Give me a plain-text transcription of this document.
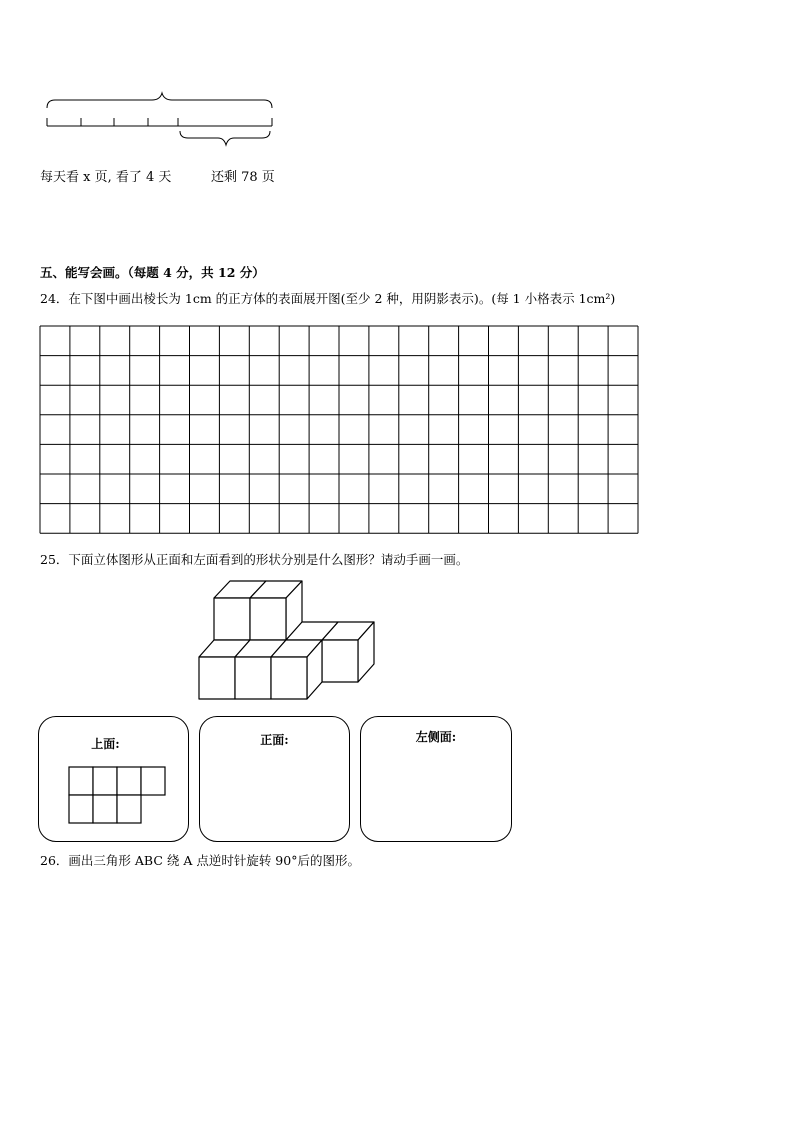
每天看 x 页, 看了 4 天	还剩 78 页
五、能写会画。（每题 4 分，共 12 分）
24．在下图中画出棱长为 1cm 的正方体的表面展开图(至少 2 种，用阴影表示)。(每 1 小格表示 1cm²)
25．下面立体图形从正面和左面看到的形状分别是什么图形？请动手画一画。
上面:	正面:	左侧面:
26．画出三角形 ABC 绕 A 点逆时针旋转 90°后的图形。
